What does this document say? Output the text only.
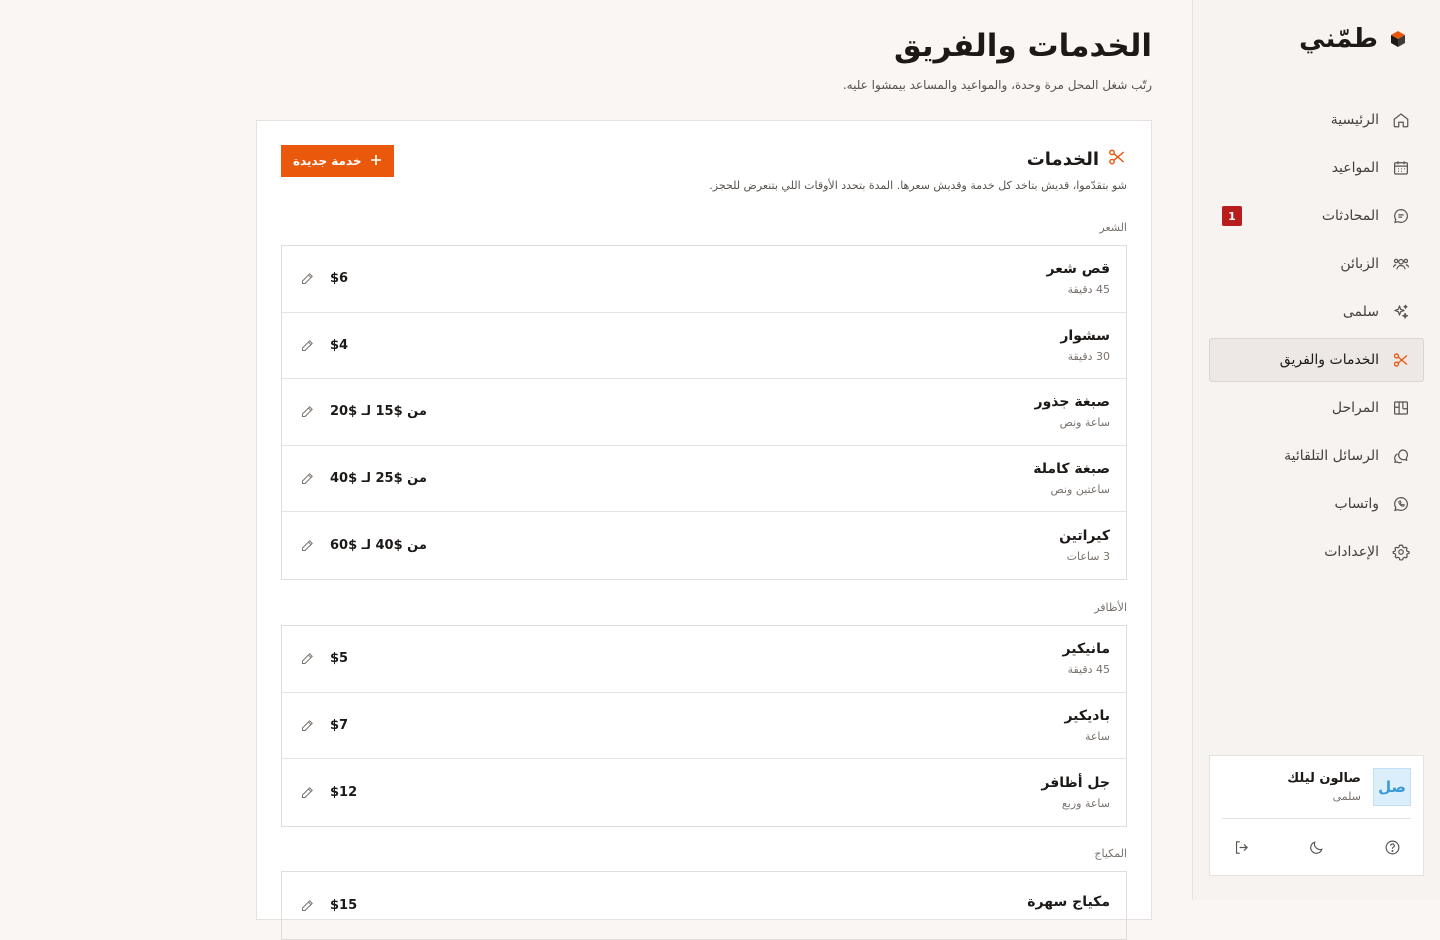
طمّني
الرئيسية
المواعيد
المحادثات
1
الزبائن
سلمى
الخدمات والفريق
المراحل
الرسائل التلقائية
واتساب
الإعدادات
صل
صالون ليلك
سلمى
الخدمات والفريق

رتّب شغل المحل مرة وحدة، والمواعيد والمساعد بيمشوا عليه.

الخدمات

شو بتقدّموا، قديش بتاخد كل خدمة وقديش سعرها. المدة بتحدد الأوقات اللي بتنعرض للحجز.

خدمة جديدة
الشعر
قص شعر
45 دقيقة
$6
سشوار
30 دقيقة
$4
صبغة جذور
ساعة ونص
من $15 لـ $20
صبغة كاملة
ساعتين ونص
من $25 لـ $40
كيراتين
3 ساعات
من $40 لـ $60
الأظافر
مانيكير
45 دقيقة
$5
باديكير
ساعة
$7
جل أظافر
ساعة وربع
$12
المكياج
مكياج سهرة
$15
